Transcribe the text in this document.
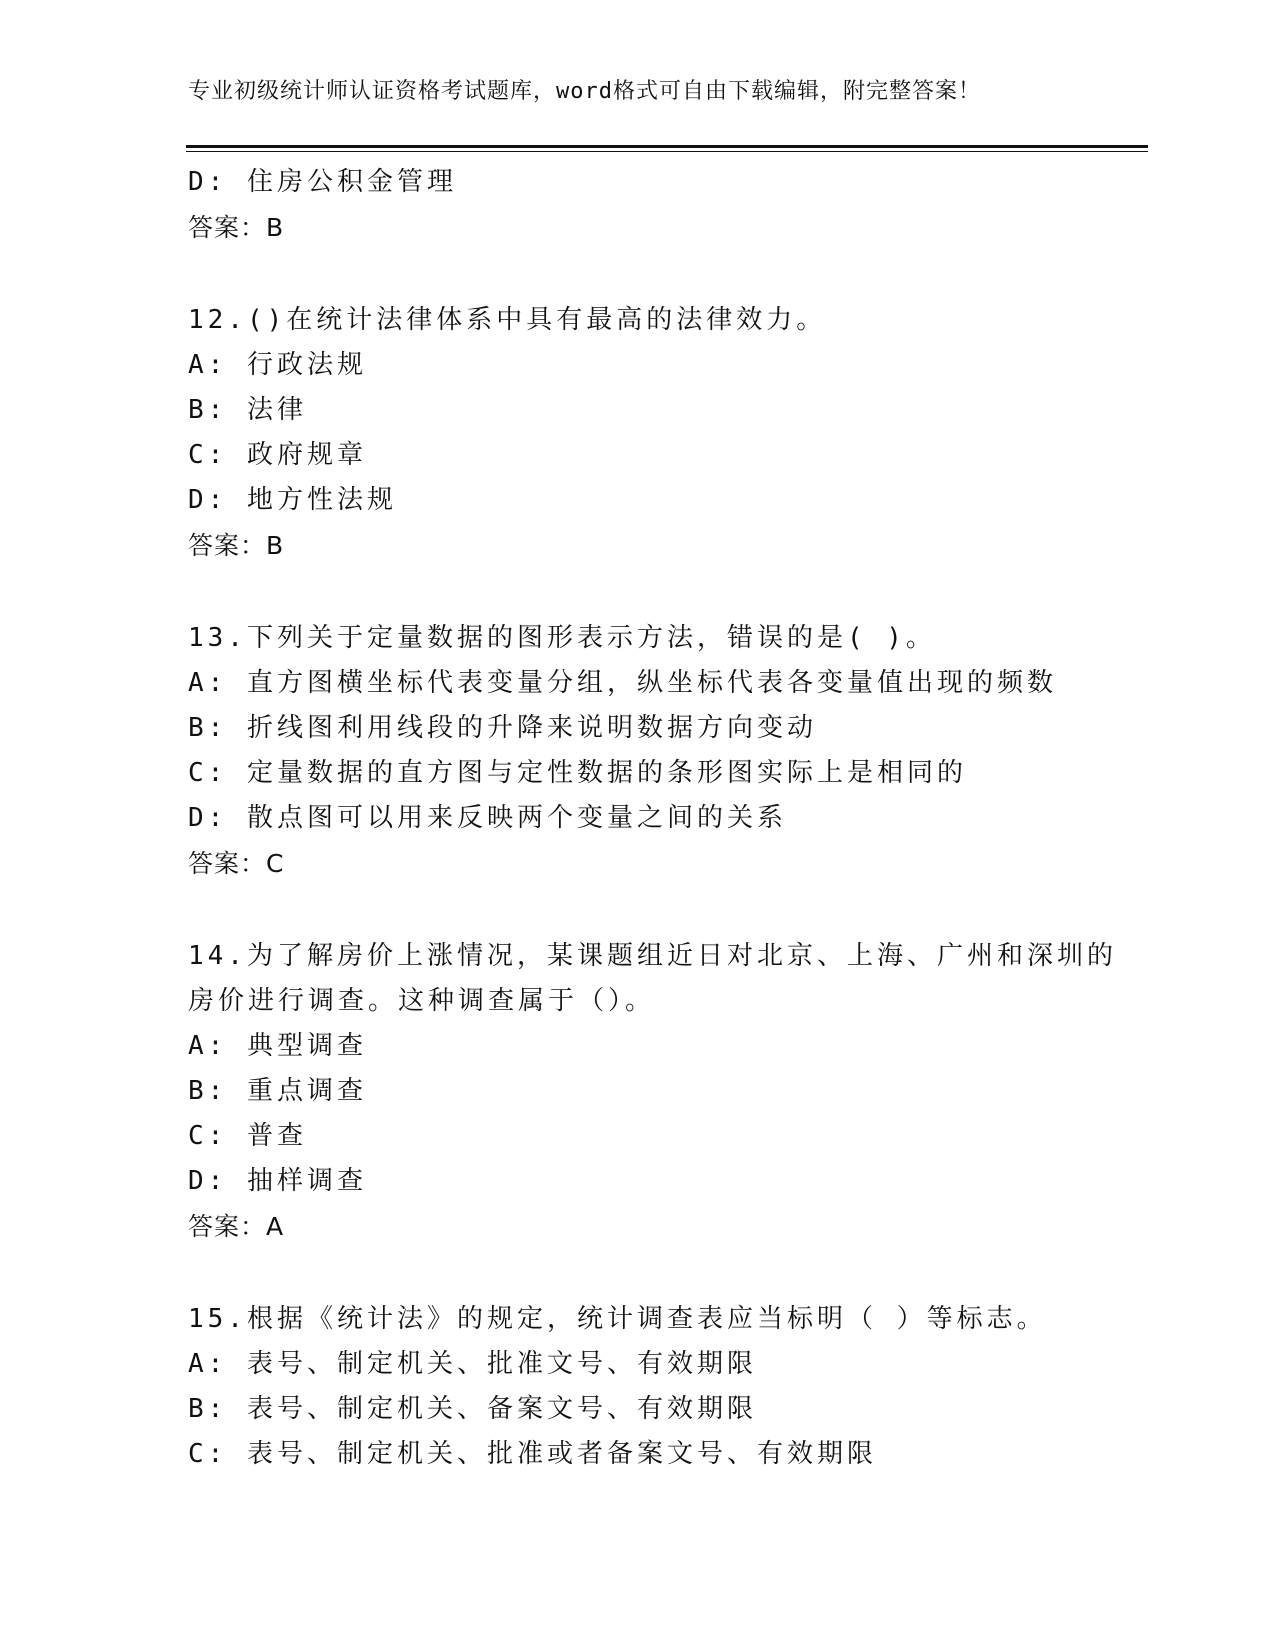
专业初级统计师认证资格考试题库，word格式可自由下载编辑，附完整答案！
D: 住房公积金管理
答案：B
12.()在统计法律体系中具有最高的法律效力。
A: 行政法规
B: 法律
C: 政府规章
D: 地方性法规
答案：B
13.下列关于定量数据的图形表示方法，错误的是( )。
A: 直方图横坐标代表变量分组，纵坐标代表各变量值出现的频数
B: 折线图利用线段的升降来说明数据方向变动
C: 定量数据的直方图与定性数据的条形图实际上是相同的
D: 散点图可以用来反映两个变量之间的关系
答案：C
14.为了解房价上涨情况，某课题组近日对北京、上海、广州和深圳的
房价进行调查。这种调查属于（）。
A: 典型调查
B: 重点调查
C: 普查
D: 抽样调查
答案：A
15.根据《统计法》的规定，统计调查表应当标明（ ）等标志。
A: 表号、制定机关、批准文号、有效期限
B: 表号、制定机关、备案文号、有效期限
C: 表号、制定机关、批准或者备案文号、有效期限
